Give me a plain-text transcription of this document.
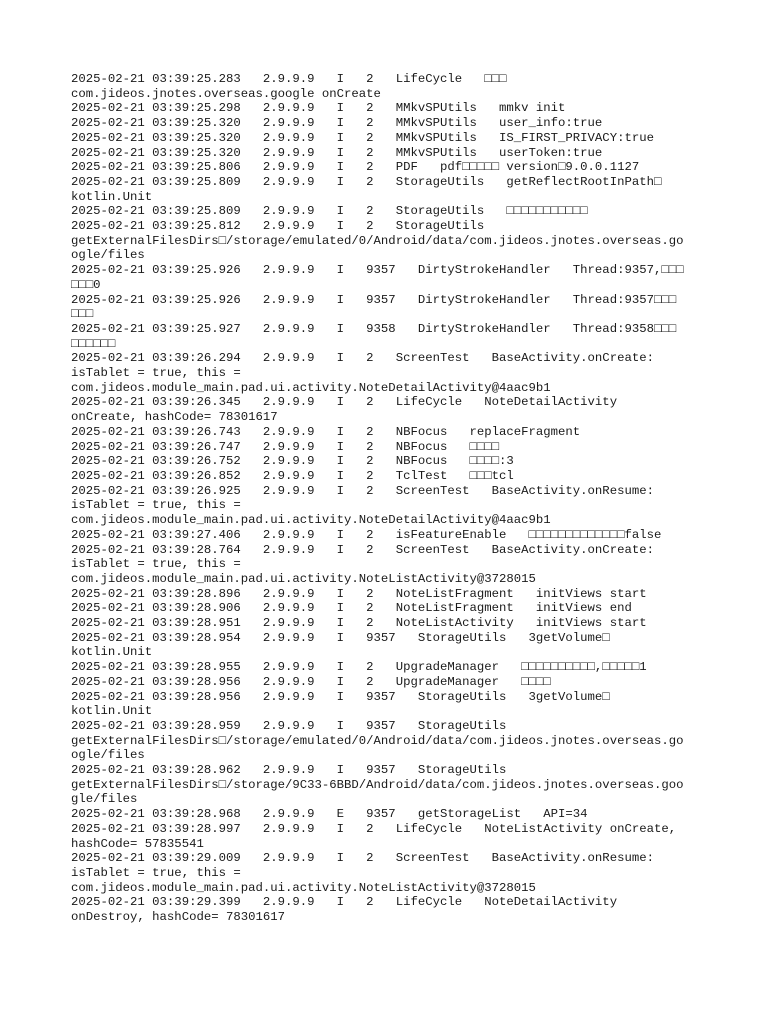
2025-02-21 03:39:25.283   2.9.9.9   I   2   LifeCycle   □□□
com.jideos.jnotes.overseas.google onCreate
2025-02-21 03:39:25.298   2.9.9.9   I   2   MMkvSPUtils   mmkv init
2025-02-21 03:39:25.320   2.9.9.9   I   2   MMkvSPUtils   user_info:true
2025-02-21 03:39:25.320   2.9.9.9   I   2   MMkvSPUtils   IS_FIRST_PRIVACY:true
2025-02-21 03:39:25.320   2.9.9.9   I   2   MMkvSPUtils   userToken:true
2025-02-21 03:39:25.806   2.9.9.9   I   2   PDF   pdf□□□□□ version□9.0.0.1127
2025-02-21 03:39:25.809   2.9.9.9   I   2   StorageUtils   getReflectRootInPath□
kotlin.Unit
2025-02-21 03:39:25.809   2.9.9.9   I   2   StorageUtils   □□□□□□□□□□□
2025-02-21 03:39:25.812   2.9.9.9   I   2   StorageUtils
getExternalFilesDirs□/storage/emulated/0/Android/data/com.jideos.jnotes.overseas.go
ogle/files
2025-02-21 03:39:25.926   2.9.9.9   I   9357   DirtyStrokeHandler   Thread:9357,□□□
□□□0
2025-02-21 03:39:25.926   2.9.9.9   I   9357   DirtyStrokeHandler   Thread:9357□□□
□□□
2025-02-21 03:39:25.927   2.9.9.9   I   9358   DirtyStrokeHandler   Thread:9358□□□
□□□□□□
2025-02-21 03:39:26.294   2.9.9.9   I   2   ScreenTest   BaseActivity.onCreate:
isTablet = true, this =
com.jideos.module_main.pad.ui.activity.NoteDetailActivity@4aac9b1
2025-02-21 03:39:26.345   2.9.9.9   I   2   LifeCycle   NoteDetailActivity
onCreate, hashCode= 78301617
2025-02-21 03:39:26.743   2.9.9.9   I   2   NBFocus   replaceFragment
2025-02-21 03:39:26.747   2.9.9.9   I   2   NBFocus   □□□□
2025-02-21 03:39:26.752   2.9.9.9   I   2   NBFocus   □□□□:3
2025-02-21 03:39:26.852   2.9.9.9   I   2   TclTest   □□□tcl
2025-02-21 03:39:26.925   2.9.9.9   I   2   ScreenTest   BaseActivity.onResume:
isTablet = true, this =
com.jideos.module_main.pad.ui.activity.NoteDetailActivity@4aac9b1
2025-02-21 03:39:27.406   2.9.9.9   I   2   isFeatureEnable   □□□□□□□□□□□□□false
2025-02-21 03:39:28.764   2.9.9.9   I   2   ScreenTest   BaseActivity.onCreate:
isTablet = true, this =
com.jideos.module_main.pad.ui.activity.NoteListActivity@3728015
2025-02-21 03:39:28.896   2.9.9.9   I   2   NoteListFragment   initViews start
2025-02-21 03:39:28.906   2.9.9.9   I   2   NoteListFragment   initViews end
2025-02-21 03:39:28.951   2.9.9.9   I   2   NoteListActivity   initViews start
2025-02-21 03:39:28.954   2.9.9.9   I   9357   StorageUtils   3getVolume□
kotlin.Unit
2025-02-21 03:39:28.955   2.9.9.9   I   2   UpgradeManager   □□□□□□□□□□,□□□□□1
2025-02-21 03:39:28.956   2.9.9.9   I   2   UpgradeManager   □□□□
2025-02-21 03:39:28.956   2.9.9.9   I   9357   StorageUtils   3getVolume□
kotlin.Unit
2025-02-21 03:39:28.959   2.9.9.9   I   9357   StorageUtils
getExternalFilesDirs□/storage/emulated/0/Android/data/com.jideos.jnotes.overseas.go
ogle/files
2025-02-21 03:39:28.962   2.9.9.9   I   9357   StorageUtils
getExternalFilesDirs□/storage/9C33-6BBD/Android/data/com.jideos.jnotes.overseas.goo
gle/files
2025-02-21 03:39:28.968   2.9.9.9   E   9357   getStorageList   API=34
2025-02-21 03:39:28.997   2.9.9.9   I   2   LifeCycle   NoteListActivity onCreate,
hashCode= 57835541
2025-02-21 03:39:29.009   2.9.9.9   I   2   ScreenTest   BaseActivity.onResume:
isTablet = true, this =
com.jideos.module_main.pad.ui.activity.NoteListActivity@3728015
2025-02-21 03:39:29.399   2.9.9.9   I   2   LifeCycle   NoteDetailActivity
onDestroy, hashCode= 78301617
